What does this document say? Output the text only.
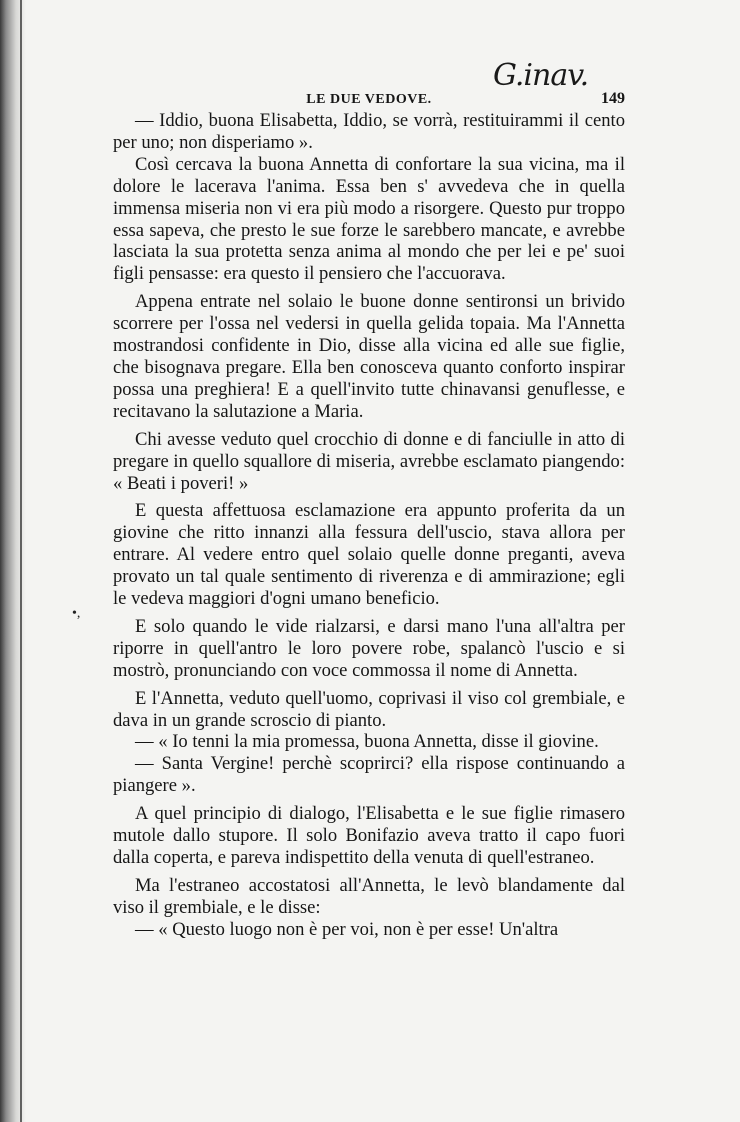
•,
G.inav.
LE DUE VEDOVE.	149

— Iddio, buona Elisabetta, Iddio, se vorrà, restituirammi il cento per uno; non disperiamo ».

Così cercava la buona Annetta di confortare la sua vicina, ma il dolore le lacerava l'anima. Essa ben s' avvedeva che in quella immensa miseria non vi era più modo a risorgere. Questo pur troppo essa sapeva, che presto le sue forze le sarebbero mancate, e avrebbe lasciata la sua protetta senza anima al mondo che per lei e pe' suoi figli pensasse: era questo il pensiero che l'accuorava.

Appena entrate nel solaio le buone donne sentironsi un brivido scorrere per l'ossa nel vedersi in quella gelida topaia. Ma l'Annetta mostrandosi confidente in Dio, disse alla vicina ed alle sue figlie, che bisognava pregare. Ella ben conosceva quanto conforto inspirar possa una preghiera! E a quell'invito tutte chinavansi genuflesse, e recitavano la salutazione a Maria.

Chi avesse veduto quel crocchio di donne e di fanciulle in atto di pregare in quello squallore di miseria, avrebbe esclamato piangendo: « Beati i poveri! »

E questa affettuosa esclamazione era appunto proferita da un giovine che ritto innanzi alla fessura dell'uscio, stava allora per entrare. Al vedere entro quel solaio quelle donne preganti, aveva provato un tal quale sentimento di riverenza e di ammirazione; egli le vedeva maggiori d'ogni umano beneficio.

E solo quando le vide rialzarsi, e darsi mano l'una all'altra per riporre in quell'antro le loro povere robe, spalancò l'uscio e si mostrò, pronunciando con voce commossa il nome di Annetta.

E l'Annetta, veduto quell'uomo, coprivasi il viso col grembiale, e dava in un grande scroscio di pianto.

— « Io tenni la mia promessa, buona Annetta, disse il giovine.

— Santa Vergine! perchè scoprirci? ella rispose continuando a piangere ».

A quel principio di dialogo, l'Elisabetta e le sue figlie rimasero mutole dallo stupore. Il solo Bonifazio aveva tratto il capo fuori dalla coperta, e pareva indispettito della venuta di quell'estraneo.

Ma l'estraneo accostatosi all'Annetta, le levò blandamente dal viso il grembiale, e le disse:

— « Questo luogo non è per voi, non è per esse! Un'altra
